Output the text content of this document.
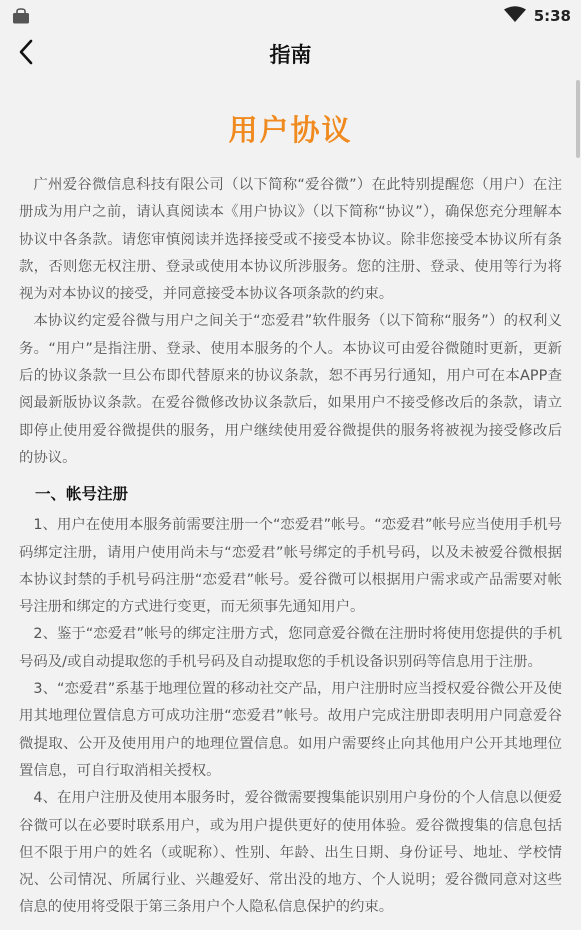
5:38
指南
用户协议

广州爱谷微信息科技有限公司（以下简称“爱谷微”）在此特别提醒您（用户）在注册成为用户之前，请认真阅读本《用户协议》（以下简称“协议”），确保您充分理解本协议中各条款。请您审慎阅读并选择接受或不接受本协议。除非您接受本协议所有条款，否则您无权注册、登录或使用本协议所涉服务。您的注册、登录、使用等行为将视为对本协议的接受，并同意接受本协议各项条款的约束。

本协议约定爱谷微与用户之间关于“恋爱君”软件服务（以下简称“服务”）的权利义务。“用户”是指注册、登录、使用本服务的个人。本协议可由爱谷微随时更新，更新后的协议条款一旦公布即代替原来的协议条款，恕不再另行通知，用户可在本APP查阅最新版协议条款。在爱谷微修改协议条款后，如果用户不接受修改后的条款，请立即停止使用爱谷微提供的服务，用户继续使用爱谷微提供的服务将被视为接受修改后的协议。

一、帐号注册

1、用户在使用本服务前需要注册一个“恋爱君”帐号。“恋爱君”帐号应当使用手机号码绑定注册，请用户使用尚未与“恋爱君”帐号绑定的手机号码，以及未被爱谷微根据本协议封禁的手机号码注册“恋爱君”帐号。爱谷微可以根据用户需求或产品需要对帐号注册和绑定的方式进行变更，而无须事先通知用户。

2、鉴于“恋爱君”帐号的绑定注册方式，您同意爱谷微在注册时将使用您提供的手机号码及/或自动提取您的手机号码及自动提取您的手机设备识别码等信息用于注册。

3、“恋爱君”系基于地理位置的移动社交产品，用户注册时应当授权爱谷微公开及使用其地理位置信息方可成功注册“恋爱君”帐号。故用户完成注册即表明用户同意爱谷微提取、公开及使用用户的地理位置信息。如用户需要终止向其他用户公开其地理位置信息，可自行取消相关授权。

4、在用户注册及使用本服务时，爱谷微需要搜集能识别用户身份的个人信息以便爱谷微可以在必要时联系用户，或为用户提供更好的使用体验。爱谷微搜集的信息包括但不限于用户的姓名（或昵称）、性别、年龄、出生日期、身份证号、地址、学校情况、公司情况、所属行业、兴趣爱好、常出没的地方、个人说明；爱谷微同意对这些信息的使用将受限于第三条用户个人隐私信息保护的约束。
